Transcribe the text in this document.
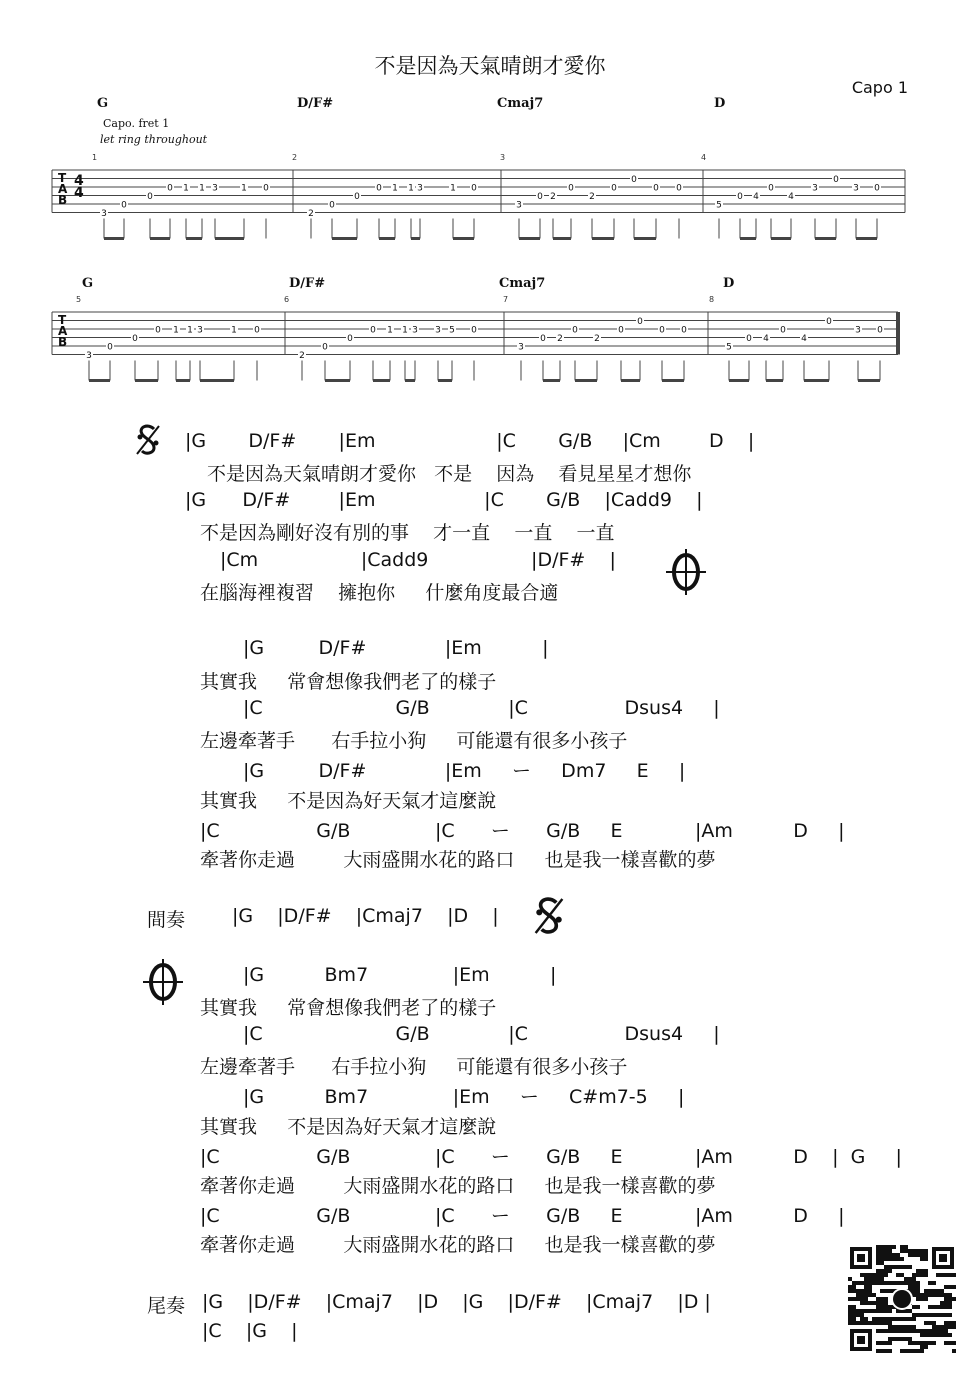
不是因為天氣晴朗才愛你
Capo 1
G	D/F#	Cmaj7	D
Capo. fret 1
let ring throughout
T
A
B
4
4
1	2	3	4
3
0
0
0 1 1 3	1 0
2
0
0
0 1 1 3	1 0
3
0 2
0
2
0
0
0 0
5
0 4
0
4
3
0
3 0
G	D/F#	Cmaj7	D
T
A
B
5	6	7	8
3
0
0
0 1 1 3	1 0
2
0
0
0 1 1 3 3 5 0
3
0 2
0
2
0
0
0 0
5
0 4
0
4
0
3 0
|G       D/F#       |Em                    |C       G/B     |Cm        D    |
不是因為天氣晴朗才愛你   不是    因為    看見星星才想你
|G      D/F#        |Em                  |C       G/B    |Cadd9    |
不是因為剛好沒有別的事    才一直    一直    一直
|Cm                 |Cadd9                 |D/F#    |
在腦海裡複習    擁抱你     什麼角度最合適
|G         D/F#             |Em          |
其實我     常會想像我們老了的樣子
|C                      G/B             |C                Dsus4     |
左邊牽著手      右手拉小狗     可能還有很多小孩子
|G         D/F#             |Em     ー     Dm7     E     |
其實我     不是因為好天氣才這麼說
|C                G/B              |C      ー      G/B     E            |Am          D     |
牽著你走過        大雨盛開水花的路口     也是我一樣喜歡的夢
間奏 |G    |D/F#    |Cmaj7    |D    |
|G          Bm7              |Em          |
其實我     常會想像我們老了的樣子
|C                      G/B             |C                Dsus4     |
左邊牽著手      右手拉小狗     可能還有很多小孩子
|G          Bm7              |Em     ー     C#m7-5     |
其實我     不是因為好天氣才這麼說
|C                G/B              |C      ー      G/B     E            |Am          D    |  G     |
牽著你走過        大雨盛開水花的路口     也是我一樣喜歡的夢
|C                G/B              |C      ー      G/B     E            |Am          D     |
牽著你走過        大雨盛開水花的路口     也是我一樣喜歡的夢
尾奏 |G    |D/F#    |Cmaj7    |D    |G    |D/F#    |Cmaj7    |D |
|C    |G    |
